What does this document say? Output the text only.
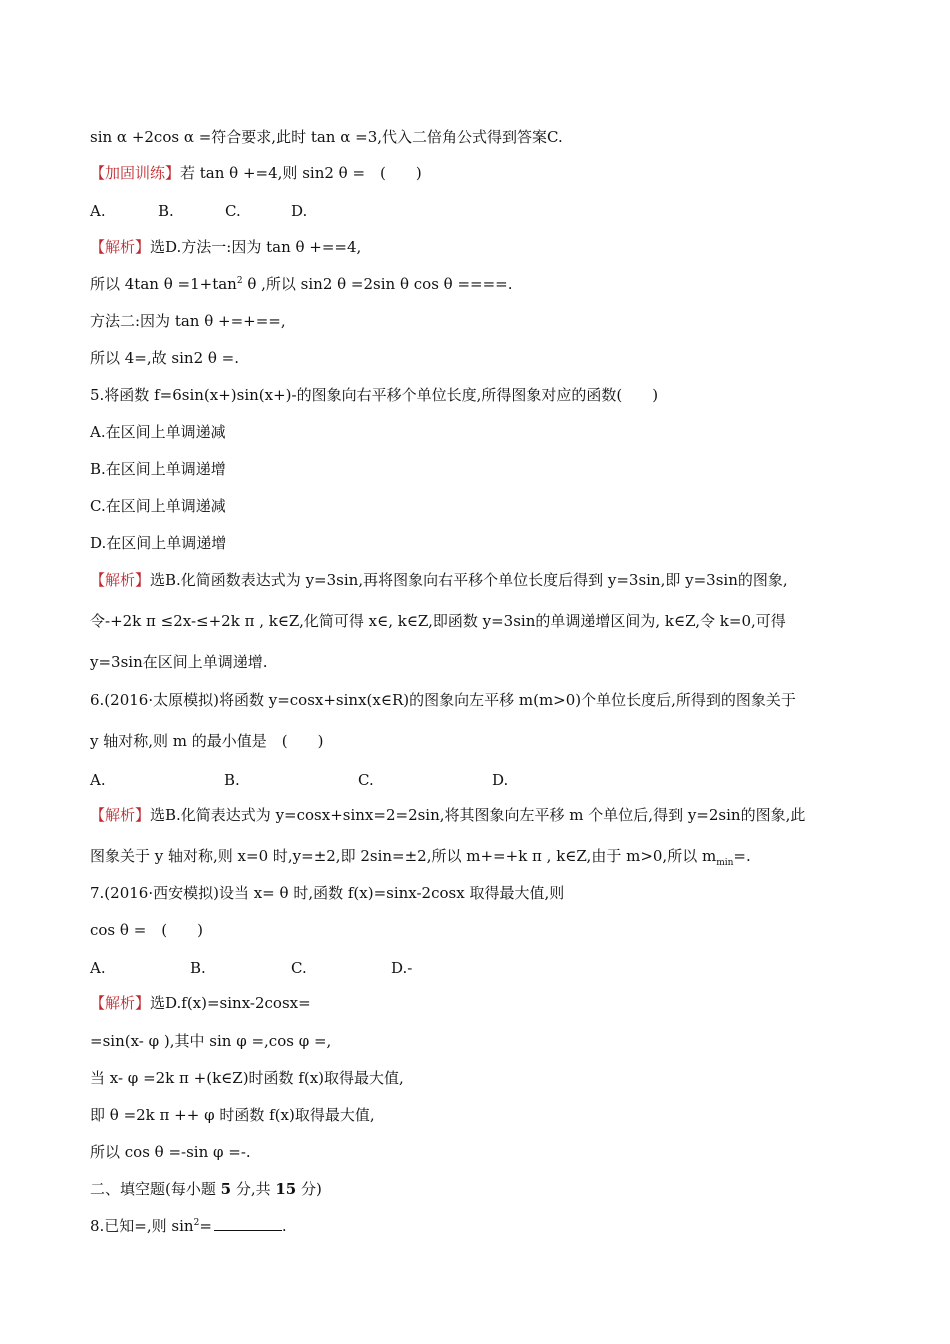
sin α +2cos α =符合要求,此时 tan α =3,代入二倍角公式得到答案C.
【加固训练】若 tan θ +=4,则 sin2 θ =　(　　)
A.	B.	C.	D.
【解析】选D.方法一:因为 tan θ +==4,
所以 4tan $\theta =1+\tan^2$ θ ,所以 sin2 θ =2sin θ cos θ ====.
方法二:因为 tan θ +=+==,
所以 4=,故 sin2 θ =.
5.将函数 f=6sin(x+)sin(x+)-的图象向右平移个单位长度,所得图象对应的函数(　　)
A.在区间上单调递减
B.在区间上单调递增
C.在区间上单调递减
D.在区间上单调递增
【解析】选B.化简函数表达式为 y=3sin,再将图象向右平移个单位长度后得到 y=3sin,即 y=3sin的图象,
令-+2k π ≤2x-≤+2k π , k∈Z,化简可得 x∈, k∈Z,即函数 y=3sin的单调递增区间为, k∈Z,令 k=0,可得
y=3sin在区间上单调递增.
6.(2016·太原模拟)将函数 y=cosx+sinx(x∈R)的图象向左平移 m(m>0)个单位长度后,所得到的图象关于
y 轴对称,则 m 的最小值是　(　　)
A.	B.	C.	D.
【解析】选B.化简表达式为 y=cosx+sinx=2=2sin,将其图象向左平移 m 个单位后,得到 y=2sin的图象,此
图象关于 y 轴对称,则 x=0 时,y=±2,即 2sin=±2,所以 m+=+k π , k∈Z,由于 m>0,所以 $m_{min}=$.
7.(2016·西安模拟)设当 x= θ 时,函数 f(x)=sinx-2cosx 取得最大值,则
cos θ =　(　　)
A.	B.	C.	D.-
【解析】选D.f(x)=sinx-2cosx=
=sin(x- φ ),其中 sin φ =,cos φ =,
当 x- φ =2k π +(k∈Z)时函数 f(x)取得最大值,
即 θ =2k π ++ φ 时函数 f(x)取得最大值,
所以 cos θ =-sin φ =-.
二、填空题(每小题 5 分,共 15 分)
8.已知=,则 $\sin^2=$	.
